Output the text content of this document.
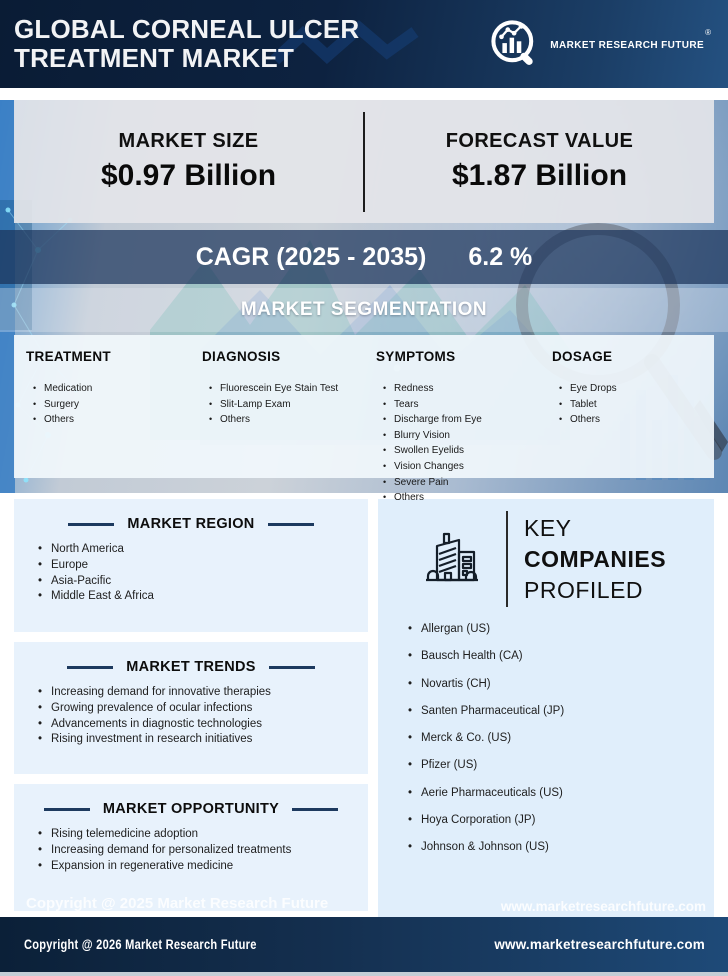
GLOBAL CORNEAL ULCER TREATMENT MARKET	MARKET RESEARCH FUTURE®
MARKET SIZE
$0.97 Billion
FORECAST VALUE
$1.87 Billion
CAGR (2025 - 2035) 6.2 %
MARKET SEGMENTATION
TREATMENT
• Medication
• Surgery
• Others
DIAGNOSIS
• Fluorescein Eye Stain Test
• Slit-Lamp Exam
• Others
SYMPTOMS
• Redness
• Tears
• Discharge from Eye
• Blurry Vision
• Swollen Eyelids
• Vision Changes
• Severe Pain
• Others
DOSAGE
• Eye Drops
• Tablet
• Others
MARKET REGION
• North America
• Europe
• Asia-Pacific
• Middle East & Africa
MARKET TRENDS
• Increasing demand for innovative therapies
• Growing prevalence of ocular infections
• Advancements in diagnostic technologies
• Rising investment in research initiatives
MARKET OPPORTUNITY
• Rising telemedicine adoption
• Increasing demand for personalized treatments
• Expansion in regenerative medicine
KEY
COMPANIES
PROFILED
• Allergan (US)
• Bausch Health (CA)
• Novartis (CH)
• Santen Pharmaceutical (JP)
• Merck & Co. (US)
• Pfizer (US)
• Aerie Pharmaceuticals (US)
• Hoya Corporation (JP)
• Johnson & Johnson (US)
Copyright @ 2025 Market Research Future	www.marketresearchfuture.com
Copyright @ 2026 Market Research Future	www.marketresearchfuture.com
